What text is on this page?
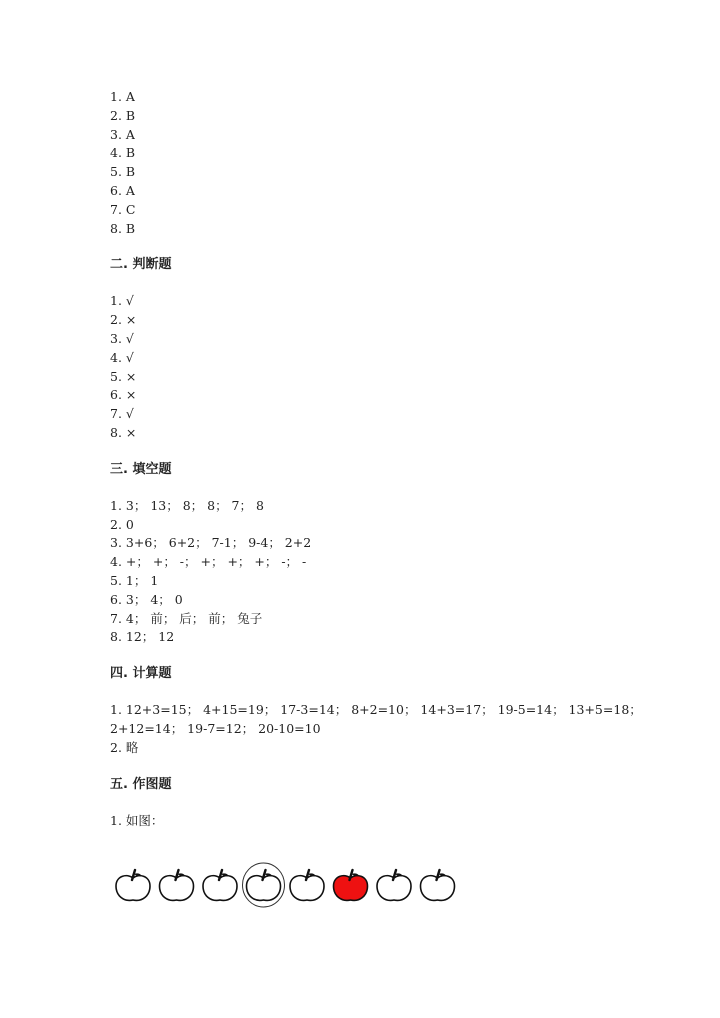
1. A
2. B
3. A
4. B
5. B
6. A
7. C
8. B
二. 判断题
1. √
2. ×
3. √
4. √
5. ×
6. ×
7. √
8. ×
三. 填空题
1. 3； 13； 8； 8； 7； 8
2. 0
3. 3+6； 6+2； 7-1； 9-4； 2+2
4. +； +； -； +； +； +； -； -
5. 1； 1
6. 3； 4； 0
7. 4； 前； 后； 前； 兔子
8. 12； 12
四. 计算题
1. 12+3=15； 4+15=19； 17-3=14； 8+2=10； 14+3=17； 19-5=14； 13+5=18；
2+12=14； 19-7=12； 20-10=10
2. 略
五. 作图题
1. 如图：
